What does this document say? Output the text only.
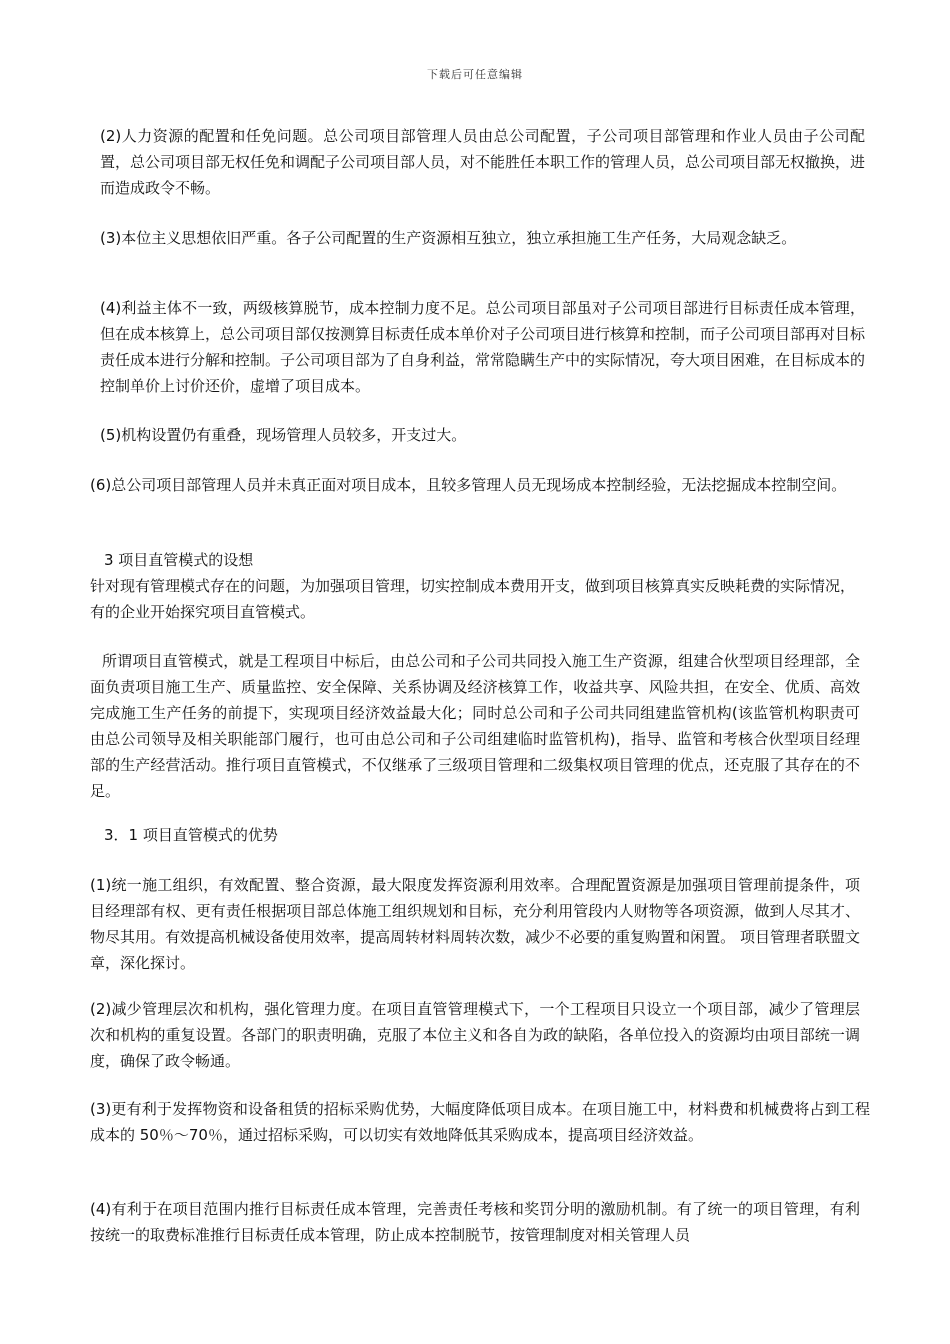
下载后可任意编辑

(2)人力资源的配置和任免问题。总公司项目部管理人员由总公司配置，子公司项目部管理和作业人员由子公司配置，总公司项目部无权任免和调配子公司项目部人员，对不能胜任本职工作的管理人员，总公司项目部无权撤换，进而造成政令不畅。

(3)本位主义思想依旧严重。各子公司配置的生产资源相互独立，独立承担施工生产任务，大局观念缺乏。

(4)利益主体不一致，两级核算脱节，成本控制力度不足。总公司项目部虽对子公司项目部进行目标责任成本管理，但在成本核算上，总公司项目部仅按测算目标责任成本单价对子公司项目进行核算和控制，而子公司项目部再对目标责任成本进行分解和控制。子公司项目部为了自身利益，常常隐瞒生产中的实际情况，夸大项目困难，在目标成本的控制单价上讨价还价，虚增了项目成本。

(5)机构设置仍有重叠，现场管理人员较多，开支过大。

(6)总公司项目部管理人员并未真正面对项目成本，且较多管理人员无现场成本控制经验，无法挖掘成本控制空间。

3 项目直管模式的设想

针对现有管理模式存在的问题，为加强项目管理，切实控制成本费用开支，做到项目核算真实反映耗费的实际情况，有的企业开始探究项目直管模式。

所谓项目直管模式，就是工程项目中标后，由总公司和子公司共同投入施工生产资源，组建合伙型项目经理部，全面负责项目施工生产、质量监控、安全保障、关系协调及经济核算工作，收益共享、风险共担，在安全、优质、高效完成施工生产任务的前提下，实现项目经济效益最大化；同时总公司和子公司共同组建监管机构(该监管机构职责可由总公司领导及相关职能部门履行，也可由总公司和子公司组建临时监管机构)，指导、监管和考核合伙型项目经理部的生产经营活动。推行项目直管模式，不仅继承了三级项目管理和二级集权项目管理的优点，还克服了其存在的不足。

3．1 项目直管模式的优势

(1)统一施工组织，有效配置、整合资源，最大限度发挥资源利用效率。合理配置资源是加强项目管理前提条件，项目经理部有权、更有责任根据项目部总体施工组织规划和目标，充分利用管段内人财物等各项资源，做到人尽其才、物尽其用。有效提高机械设备使用效率，提高周转材料周转次数，减少不必要的重复购置和闲置。 项目管理者联盟文章，深化探讨。

(2)减少管理层次和机构，强化管理力度。在项目直管管理模式下，一个工程项目只设立一个项目部，减少了管理层次和机构的重复设置。各部门的职责明确，克服了本位主义和各自为政的缺陷，各单位投入的资源均由项目部统一调度，确保了政令畅通。

(3)更有利于发挥物资和设备租赁的招标采购优势，大幅度降低项目成本。在项目施工中，材料费和机械费将占到工程成本的 50％～70％，通过招标采购，可以切实有效地降低其采购成本，提高项目经济效益。

(4)有利于在项目范围内推行目标责任成本管理，完善责任考核和奖罚分明的激励机制。有了统一的项目管理，有利按统一的取费标准推行目标责任成本管理，防止成本控制脱节，按管理制度对相关管理人员
